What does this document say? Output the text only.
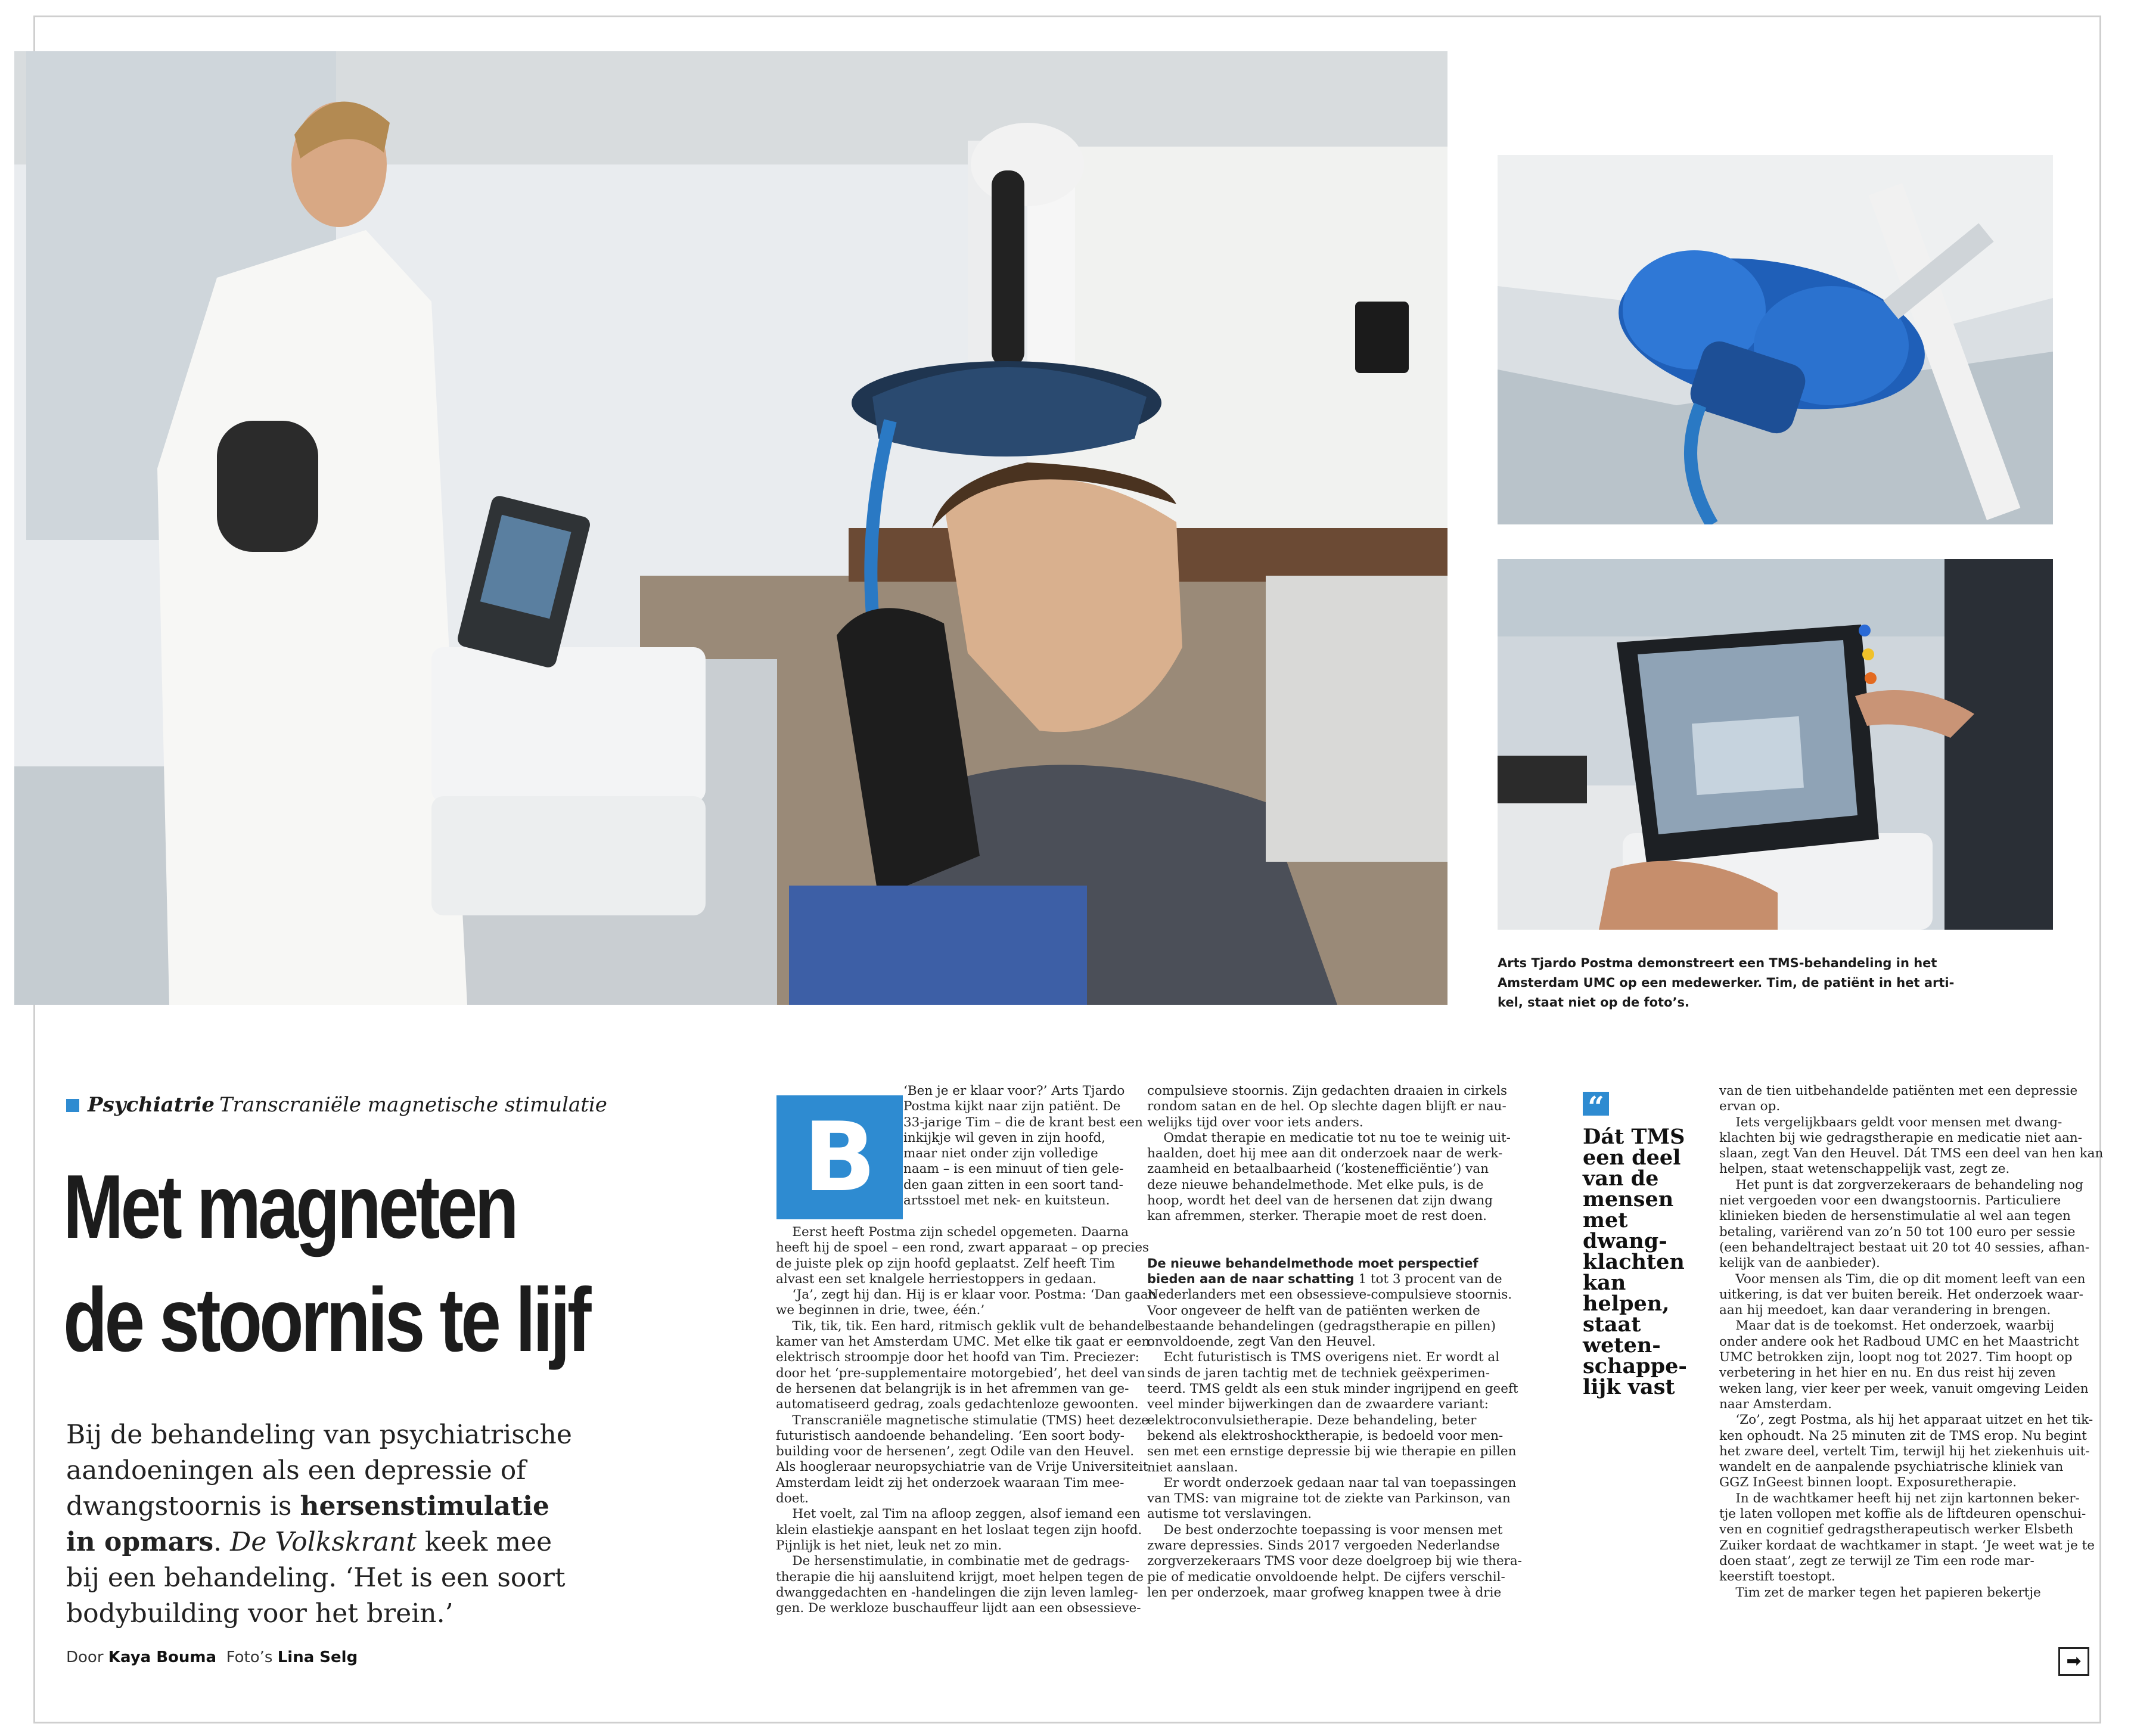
Arts Tjardo Postma demonstreert een TMS-behandeling in het
Amsterdam UMC op een medewerker. Tim, de patiënt in het arti-
kel, staat niet op de foto’s.
Psychiatrie Transcraniële magnetische stimulatie
Met magneten
de stoornis te lijf
Bij de behandeling van psychiatrische
aandoeningen als een depressie of
dwangstoornis is hersenstimulatie
in opmars. De Volkskrant keek mee
bij een behandeling. ‘Het is een soort
bodybuilding voor het brein.’
Door Kaya Bouma Foto’s Lina Selg
B
‘Ben je er klaar voor?’ Arts Tjardo
Postma kijkt naar zijn patiënt. De
33-jarige Tim – die de krant best een
inkijkje wil geven in zijn hoofd,
maar niet onder zijn volledige
naam – is een minuut of tien gele-
den gaan zitten in een soort tand-
artsstoel met nek- en kuitsteun.
Eerst heeft Postma zijn schedel opgemeten. Daarna
heeft hij de spoel – een rond, zwart apparaat – op precies
de juiste plek op zijn hoofd geplaatst. Zelf heeft Tim
alvast een set knalgele herriestoppers in gedaan.
‘Ja’, zegt hij dan. Hij is er klaar voor. Postma: ‘Dan gaan
we beginnen in drie, twee, één.’
Tik, tik, tik. Een hard, ritmisch geklik vult de behandel-
kamer van het Amsterdam UMC. Met elke tik gaat er een
elektrisch stroompje door het hoofd van Tim. Preciezer:
door het ‘pre-supplementaire motorgebied’, het deel van
de hersenen dat belangrijk is in het afremmen van ge-
automatiseerd gedrag, zoals gedachtenloze gewoonten.
Transcraniële magnetische stimulatie (TMS) heet deze
futuristisch aandoende behandeling. ‘Een soort body-
building voor de hersenen’, zegt Odile van den Heuvel.
Als hoogleraar neuropsychiatrie van de Vrije Universiteit
Amsterdam leidt zij het onderzoek waaraan Tim mee-
doet.
Het voelt, zal Tim na afloop zeggen, alsof iemand een
klein elastiekje aanspant en het loslaat tegen zijn hoofd.
Pijnlijk is het niet, leuk net zo min.
De hersenstimulatie, in combinatie met de gedrags-
therapie die hij aansluitend krijgt, moet helpen tegen de
dwanggedachten en -handelingen die zijn leven lamleg-
gen. De werkloze buschauffeur lijdt aan een obsessieve-
compulsieve stoornis. Zijn gedachten draaien in cirkels
rondom satan en de hel. Op slechte dagen blijft er nau-
welijks tijd over voor iets anders.
Omdat therapie en medicatie tot nu toe te weinig uit-
haalden, doet hij mee aan dit onderzoek naar de werk-
zaamheid en betaalbaarheid (‘kostenefficiëntie’) van
deze nieuwe behandelmethode. Met elke puls, is de
hoop, wordt het deel van de hersenen dat zijn dwang
kan afremmen, sterker. Therapie moet de rest doen.
De nieuwe behandelmethode moet perspectief
bieden aan de naar schatting 1 tot 3 procent van de
Nederlanders met een obsessieve-compulsieve stoornis.
Voor ongeveer de helft van de patiënten werken de
bestaande behandelingen (gedragstherapie en pillen)
onvoldoende, zegt Van den Heuvel.
Echt futuristisch is TMS overigens niet. Er wordt al
sinds de jaren tachtig met de techniek geëxperimen-
teerd. TMS geldt als een stuk minder ingrijpend en geeft
veel minder bijwerkingen dan de zwaardere variant:
elektroconvulsietherapie. Deze behandeling, beter
bekend als elektroshocktherapie, is bedoeld voor men-
sen met een ernstige depressie bij wie therapie en pillen
niet aanslaan.
Er wordt onderzoek gedaan naar tal van toepassingen
van TMS: van migraine tot de ziekte van Parkinson, van
autisme tot verslavingen.
De best onderzochte toepassing is voor mensen met
zware depressies. Sinds 2017 vergoeden Nederlandse
zorgverzekeraars TMS voor deze doelgroep bij wie thera-
pie of medicatie onvoldoende helpt. De cijfers verschil-
len per onderzoek, maar grofweg knappen twee à drie
“
Dát TMS
een deel
van de
mensen
met
dwang-
klachten
kan
helpen,
staat
weten-
schappe-
lijk vast
van de tien uitbehandelde patiënten met een depressie
ervan op.
Iets vergelijkbaars geldt voor mensen met dwang-
klachten bij wie gedragstherapie en medicatie niet aan-
slaan, zegt Van den Heuvel. Dát TMS een deel van hen kan
helpen, staat wetenschappelijk vast, zegt ze.
Het punt is dat zorgverzekeraars de behandeling nog
niet vergoeden voor een dwangstoornis. Particuliere
klinieken bieden de hersenstimulatie al wel aan tegen
betaling, variërend van zo’n 50 tot 100 euro per sessie
(een behandeltraject bestaat uit 20 tot 40 sessies, afhan-
kelijk van de aanbieder).
Voor mensen als Tim, die op dit moment leeft van een
uitkering, is dat ver buiten bereik. Het onderzoek waar-
aan hij meedoet, kan daar verandering in brengen.
Maar dat is de toekomst. Het onderzoek, waarbij
onder andere ook het Radboud UMC en het Maastricht
UMC betrokken zijn, loopt nog tot 2027. Tim hoopt op
verbetering in het hier en nu. En dus reist hij zeven
weken lang, vier keer per week, vanuit omgeving Leiden
naar Amsterdam.
‘Zo’, zegt Postma, als hij het apparaat uitzet en het tik-
ken ophoudt. Na 25 minuten zit de TMS erop. Nu begint
het zware deel, vertelt Tim, terwijl hij het ziekenhuis uit-
wandelt en de aanpalende psychiatrische kliniek van
GGZ InGeest binnen loopt. Exposuretherapie.
In de wachtkamer heeft hij net zijn kartonnen beker-
tje laten vollopen met koffie als de liftdeuren openschui-
ven en cognitief gedragstherapeutisch werker Elsbeth
Zuiker kordaat de wachtkamer in stapt. ‘Je weet wat je te
doen staat’, zegt ze terwijl ze Tim een rode mar-
keerstift toestopt.
Tim zet de marker tegen het papieren bekertje
➡
